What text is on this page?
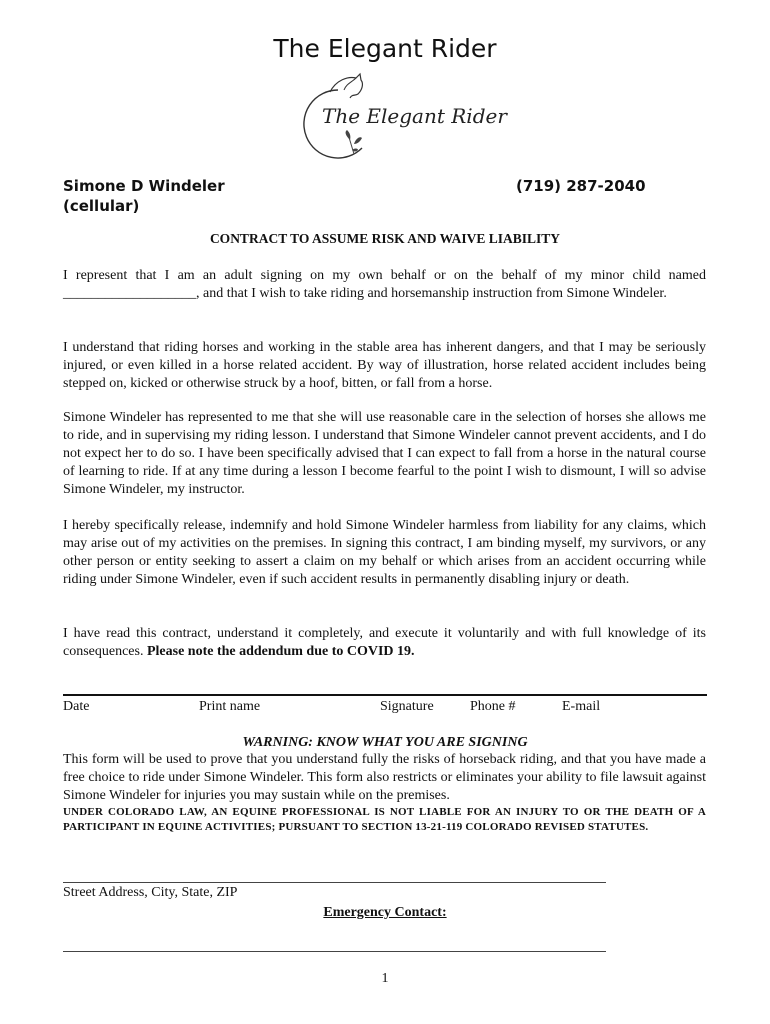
The Elegant Rider
The Elegant Rider
Simone D Windeler
(cellular)
(719) 287-2040
CONTRACT TO ASSUME RISK AND WAIVE LIABILITY
I represent that I am an adult signing on my own behalf or on the behalf of my minor child named ___________________, and that I wish to take riding and horsemanship instruction from Simone Windeler.
I understand that riding horses and working in the stable area has inherent dangers, and that I may be seriously injured, or even killed in a horse related accident. By way of illustration, horse related accident includes being stepped on, kicked or otherwise struck by a hoof, bitten, or fall from a horse.
Simone Windeler has represented to me that she will use reasonable care in the selection of horses she allows me to ride, and in supervising my riding lesson. I understand that Simone Windeler cannot prevent accidents, and I do not expect her to do so. I have been specifically advised that I can expect to fall from a horse in the natural course of learning to ride. If at any time during a lesson I become fearful to the point I wish to dismount, I will so advise Simone Windeler, my instructor.
I hereby specifically release, indemnify and hold Simone Windeler harmless from liability for any claims, which may arise out of my activities on the premises. In signing this contract, I am binding myself, my survivors, or any other person or entity seeking to assert a claim on my behalf or which arises from an accident occurring while riding under Simone Windeler, even if such accident results in permanently disabling injury or death.
I have read this contract, understand it completely, and execute it voluntarily and with full knowledge of its consequences. Please note the addendum due to COVID 19.
Date	Print name	Signature	Phone #	E-mail
WARNING: KNOW WHAT YOU ARE SIGNING
This form will be used to prove that you understand fully the risks of horseback riding, and that you have made a free choice to ride under Simone Windeler. This form also restricts or eliminates your ability to file lawsuit against Simone Windeler for injuries you may sustain while on the premises.
UNDER COLORADO LAW, AN EQUINE PROFESSIONAL IS NOT LIABLE FOR AN INJURY TO OR THE DEATH OF A PARTICIPANT IN EQUINE ACTIVITIES; PURSUANT TO SECTION 13-21-119 COLORADO REVISED STATUTES.
Street Address, City, State, ZIP
Emergency Contact:
1
